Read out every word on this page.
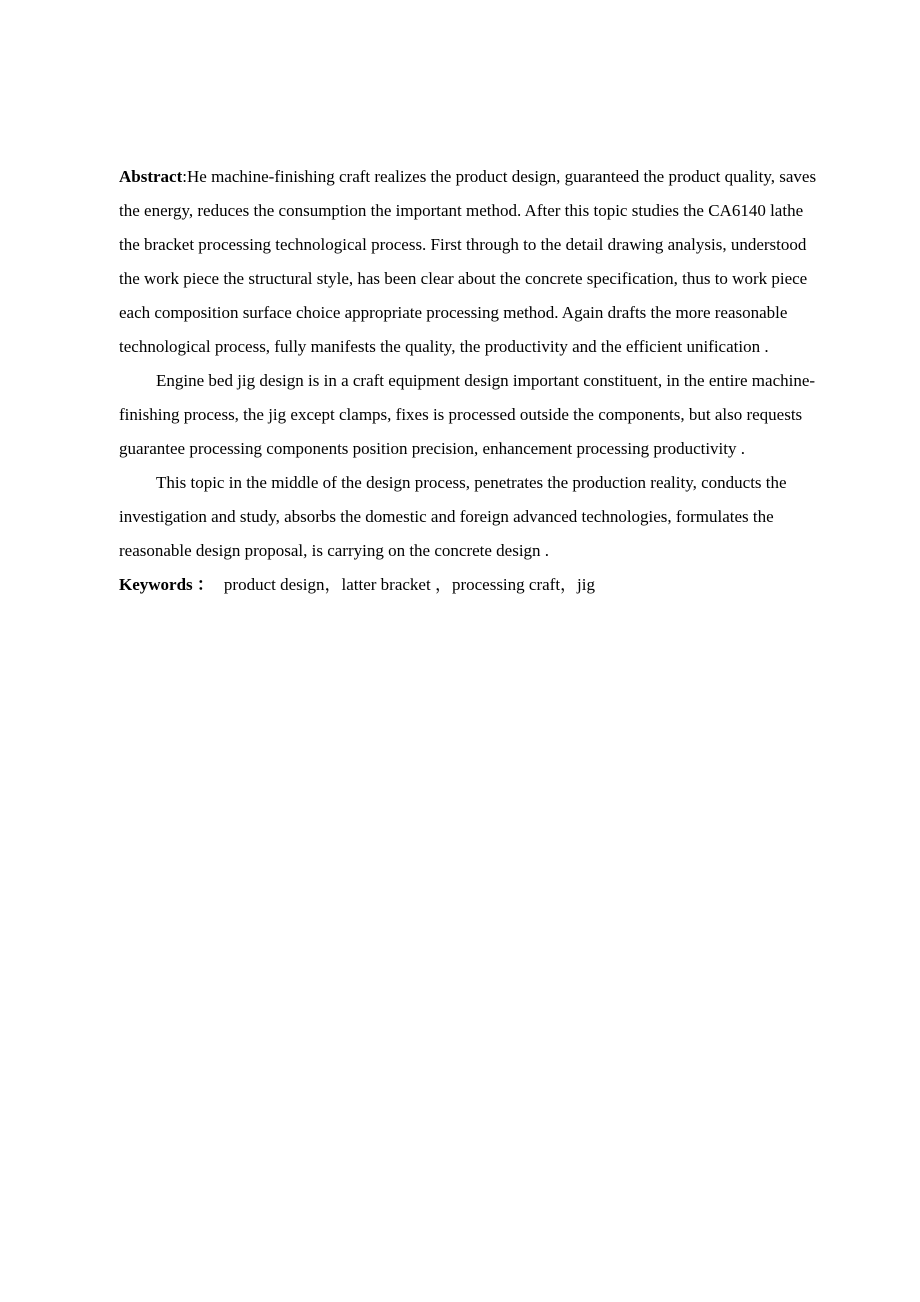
Abstract:He machine-finishing craft realizes the product design, guaranteed the product quality, saves the energy, reduces the consumption the important method. After this topic studies the CA6140 lathe the bracket processing technological process. First through to the detail drawing analysis, understood the work piece the structural style, has been clear about the concrete specification, thus to work piece each composition surface choice appropriate processing method. Again drafts the more reasonable technological process, fully manifests the quality, the productivity and the efficient unification .

Engine bed jig design is in a craft equipment design important constituent, in the entire machine-finishing process, the jig except clamps, fixes is processed outside the components, but also requests guarantee processing components position precision, enhancement processing productivity .

This topic in the middle of the design process, penetrates the production reality, conducts the investigation and study, absorbs the domestic and foreign advanced technologies, formulates the reasonable design proposal, is carrying on the concrete design .

Keywords ： product design，latter bracket ，processing craft，jig
